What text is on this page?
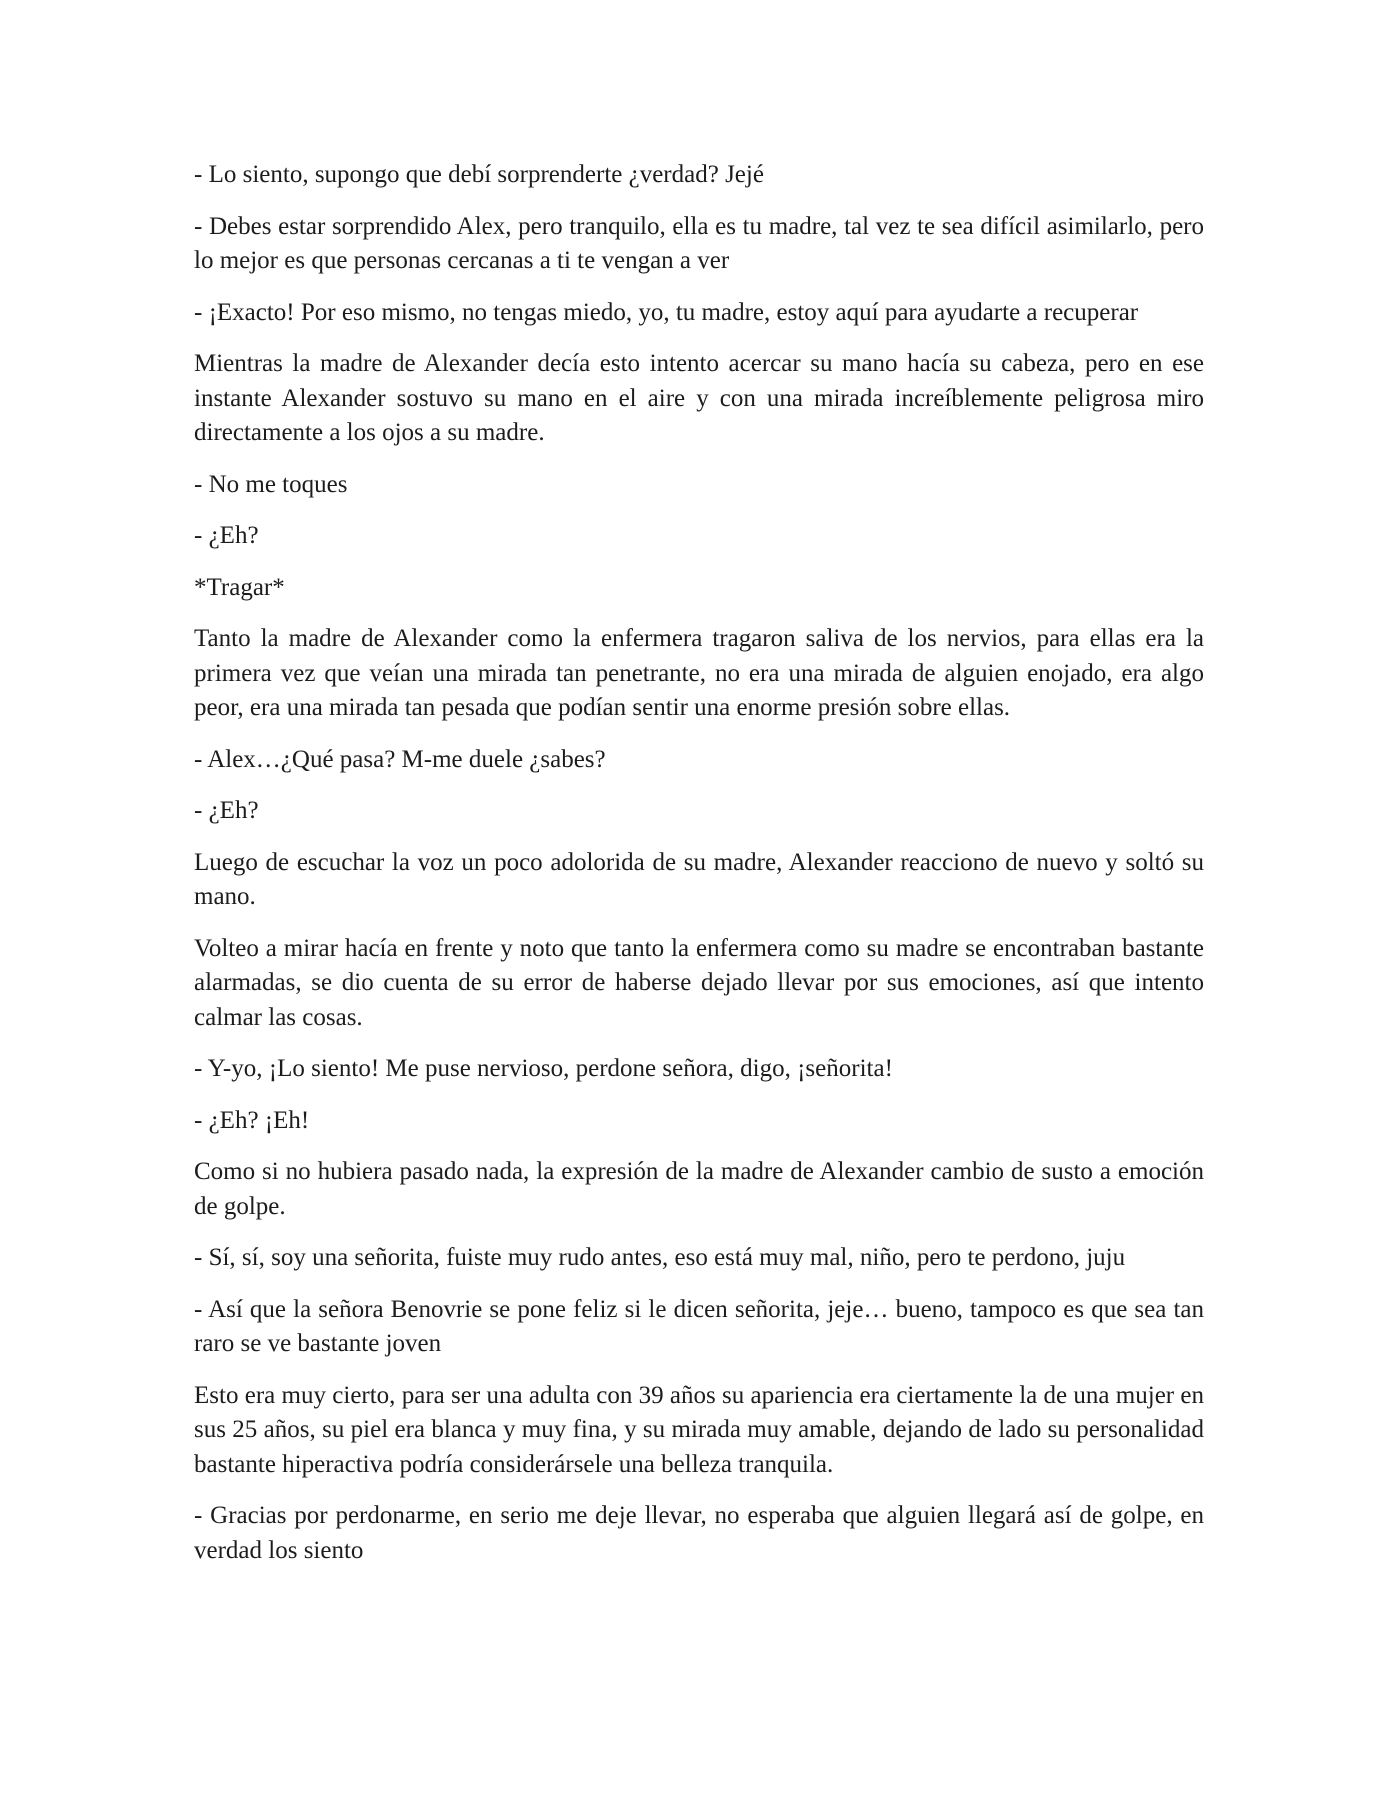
- Lo siento, supongo que debí sorprenderte ¿verdad? Jejé

- Debes estar sorprendido Alex, pero tranquilo, ella es tu madre, tal vez te sea difícil asimilarlo, pero lo mejor es que personas cercanas a ti te vengan a ver

- ¡Exacto! Por eso mismo, no tengas miedo, yo, tu madre, estoy aquí para ayudarte a recuperar

Mientras la madre de Alexander decía esto intento acercar su mano hacía su cabeza, pero en ese instante Alexander sostuvo su mano en el aire y con una mirada increíblemente peligrosa miro directamente a los ojos a su madre.

- No me toques

- ¿Eh?

*Tragar*

Tanto la madre de Alexander como la enfermera tragaron saliva de los nervios, para ellas era la primera vez que veían una mirada tan penetrante, no era una mirada de alguien enojado, era algo peor, era una mirada tan pesada que podían sentir una enorme presión sobre ellas.

- Alex…¿Qué pasa? M-me duele ¿sabes?

- ¿Eh?

Luego de escuchar la voz un poco adolorida de su madre, Alexander reacciono de nuevo y soltó su mano.

Volteo a mirar hacía en frente y noto que tanto la enfermera como su madre se encontraban bastante alarmadas, se dio cuenta de su error de haberse dejado llevar por sus emociones, así que intento calmar las cosas.

- Y-yo, ¡Lo siento! Me puse nervioso, perdone señora, digo, ¡señorita!

- ¿Eh? ¡Eh!

Como si no hubiera pasado nada, la expresión de la madre de Alexander cambio de susto a emoción de golpe.

- Sí, sí, soy una señorita, fuiste muy rudo antes, eso está muy mal, niño, pero te perdono, juju

- Así que la señora Benovrie se pone feliz si le dicen señorita, jeje… bueno, tampoco es que sea tan raro se ve bastante joven

Esto era muy cierto, para ser una adulta con 39 años su apariencia era ciertamente la de una mujer en sus 25 años, su piel era blanca y muy fina, y su mirada muy amable, dejando de lado su personalidad bastante hiperactiva podría considerársele una belleza tranquila.

- Gracias por perdonarme, en serio me deje llevar, no esperaba que alguien llegará así de golpe, en verdad los siento
